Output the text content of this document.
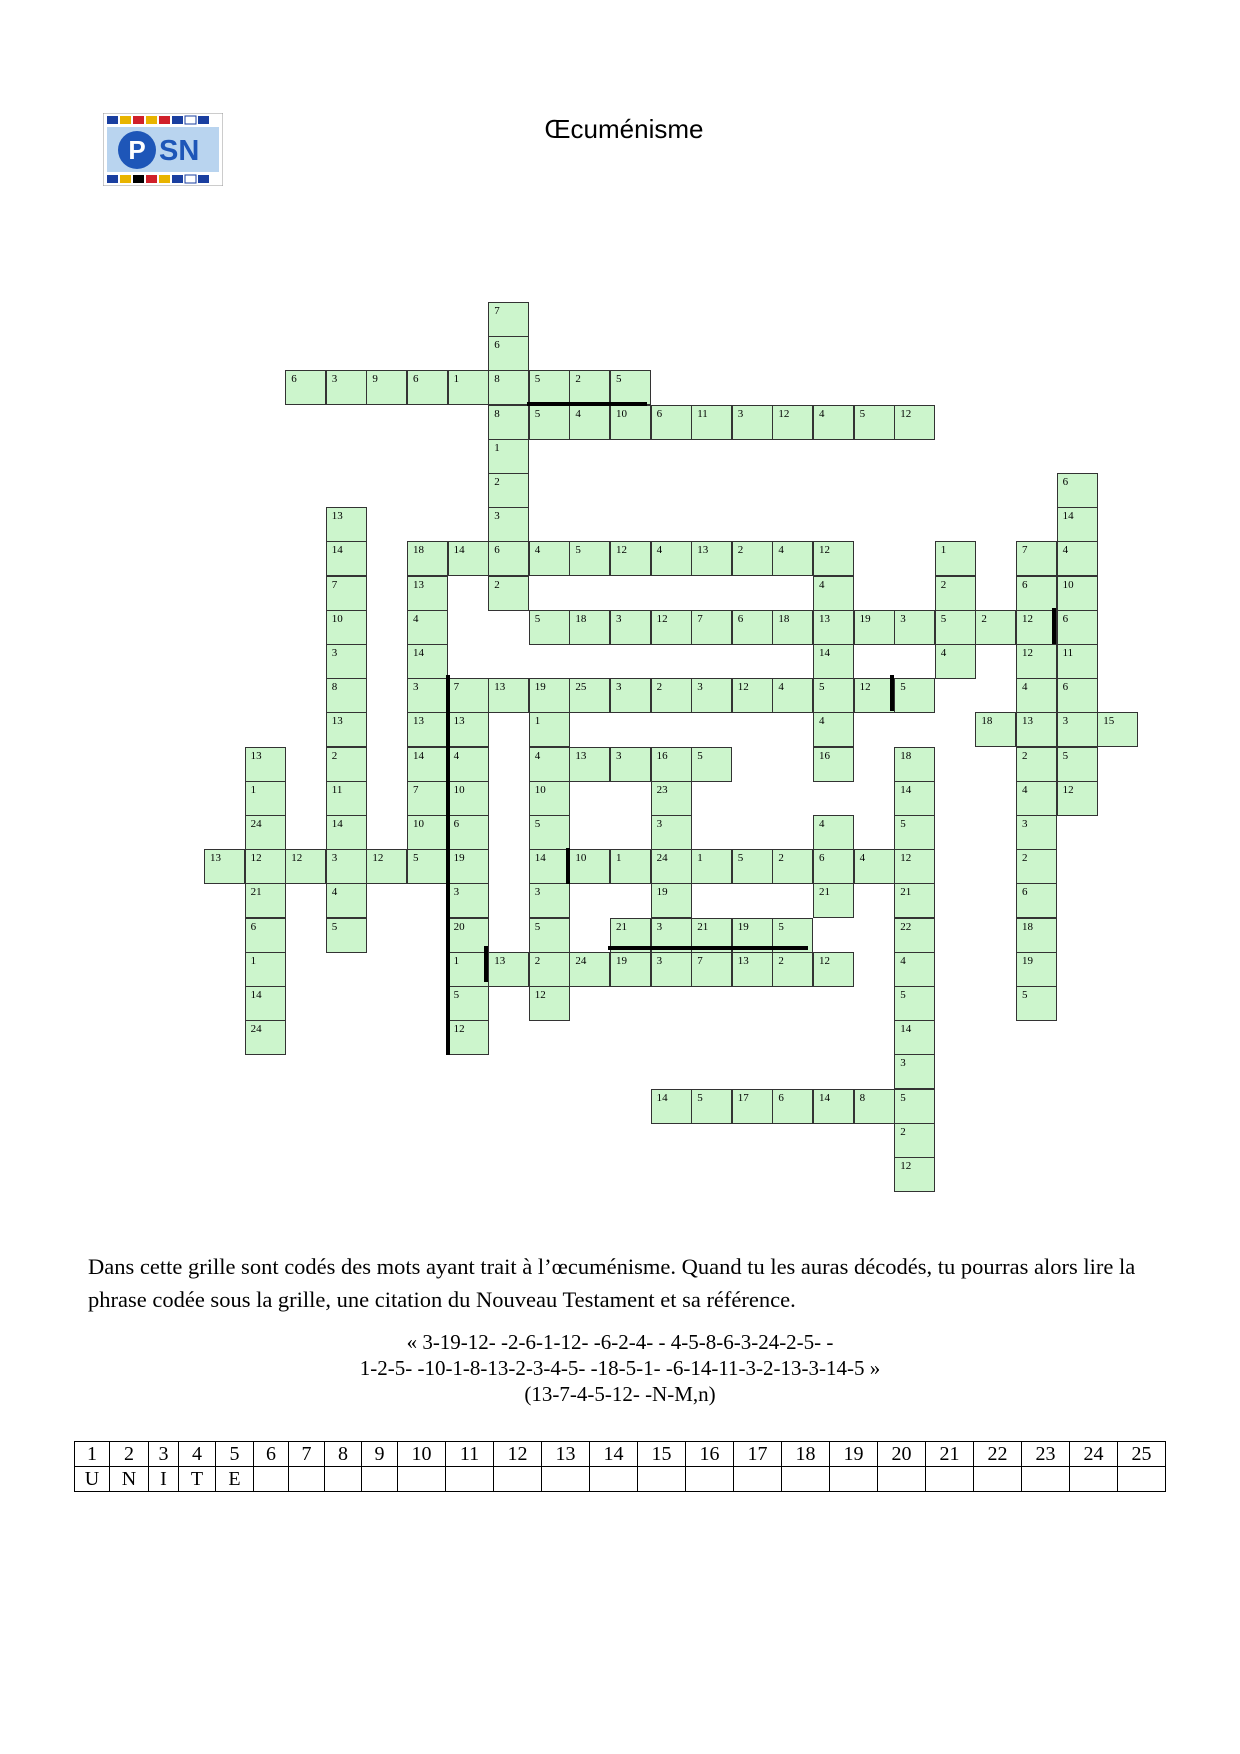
P SN
Œcuménisme
7
6
6	3	9	6	1	8	5	2	5
8	5	4	10	6	11	3	12	4	5	12
1
2	6
13	3	14
14	18	14	6	4	5	12	4	13	2	4	12	1	7	4
7	13	2	4	2	6	10
10	4	5	18	3	12	7	6	18	13	19	3	5	2	12	6
3	14	14	4	12	11
8	3	7	13	19	25	3	2	3	12	4	5	12	5	4	6
13	13	13	1	4	18	13	3	15
13	2	14	4	4	13	3	16	5	16	18	2	5
1	11	7	10	10	23	14	4	12
24	14	10	6	5	3	4	5	3
13	12	12	3	12	5	19	14	10	1	24	1	5	2	6	4	12	2
21	4	3	3	19	21	21	6
6	5	20	5	21	3	21	19	5	22	18
1	1	13	2	24	19	3	7	13	2	12	4	19
14	5	12	5	5
24	12	14
3
14	5	17	6	14	8	5
2
12
Dans cette grille sont codés des mots ayant trait à l’œcuménisme. Quand tu les auras décodés, tu pourras alors lire la phrase codée sous la grille, une citation du Nouveau Testament et sa référence.
« 3-19-12- -2-6-1-12- -6-2-4- - 4-5-8-6-3-24-2-5- -
1-2-5- -10-1-8-13-2-3-4-5- -18-5-1- -6-14-11-3-2-13-3-14-5 »
(13-7-4-5-12- -N-M,n)
1	2	3	4	5	6	7	8	9	10	11	12	13	14	15	16	17	18	19	20	21	22	23	24	25
U	N	I	T	E																				
